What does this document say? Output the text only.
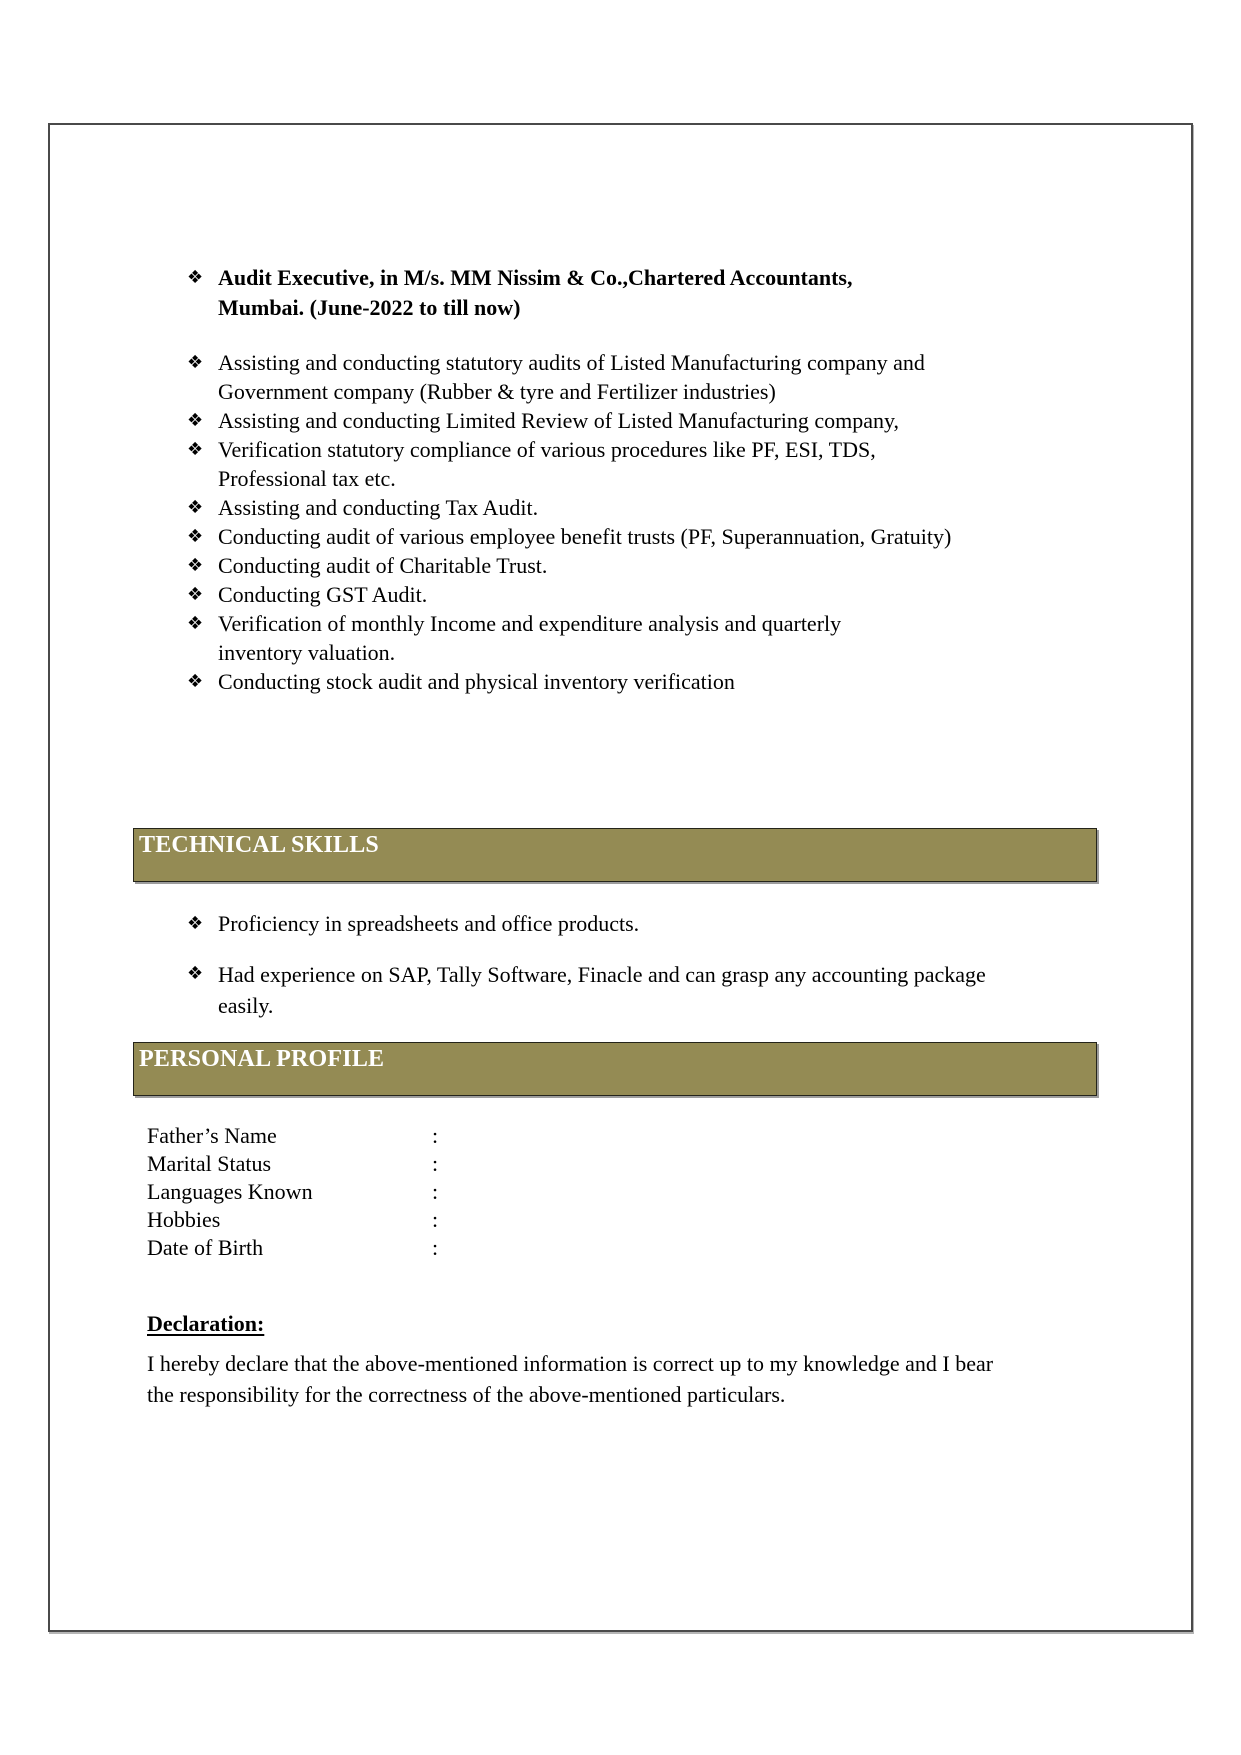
❖ Audit Executive, in M/s. MM Nissim & Co.,Chartered Accountants,
Mumbai. (June-2022 to till now)
❖ Assisting and conducting statutory audits of Listed Manufacturing company and
Government company (Rubber & tyre and Fertilizer industries)
❖ Assisting and conducting Limited Review of Listed Manufacturing company,
❖ Verification statutory compliance of various procedures like PF, ESI, TDS,
Professional tax etc.
❖ Assisting and conducting Tax Audit.
❖ Conducting audit of various employee benefit trusts (PF, Superannuation, Gratuity)
❖ Conducting audit of Charitable Trust.
❖ Conducting GST Audit.
❖ Verification of monthly Income and expenditure analysis and quarterly
inventory valuation.
❖ Conducting stock audit and physical inventory verification
TECHNICAL SKILLS
❖ Proficiency in spreadsheets and office products.
❖ Had experience on SAP, Tally Software, Finacle and can grasp any accounting package
easily.
PERSONAL PROFILE
Father’s Name	:
Marital Status	:
Languages Known	:
Hobbies	:
Date of Birth	:
Declaration:
I hereby declare that the above-mentioned information is correct up to my knowledge and I bear
the responsibility for the correctness of the above-mentioned particulars.
